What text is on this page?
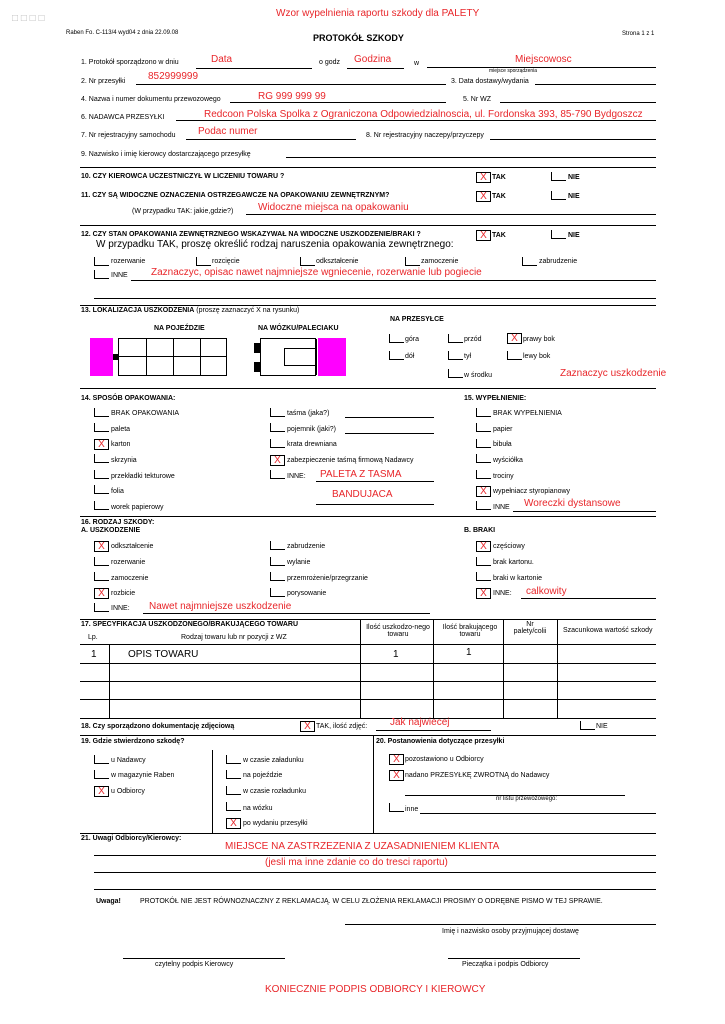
□ □ □ □	Wzor wypelnienia raportu szkody dla PALETY
Raben Fo. C-113/4 wyd04 z dnia 22.09.08	PROTOKÓŁ SZKODY	Strona 1 z 1
1. Protokół sporządzono w dniu	Data	o godz Godzina	w	Miejscowosc
miejsce sporządzenia
2. Nr przesyłki 852999999	3. Data dostawy/wydania
4. Nazwa i numer dokumentu przewozowego	RG 999 999 99	5. Nr WZ
6. NADAWCA PRZESYŁKI	Redcoon Polska Spolka z Ograniczona Odpowiedzialnoscia, ul. Fordonska 393, 85-790 Bydgoszcz
7. Nr rejestracyjny samochodu Podac numer	8. Nr rejestracyjny naczepy/przyczepy
9. Nazwisko i imię kierowcy dostarczającego przesyłkę
10. CZY KIEROWCA UCZESTNICZYŁ W LICZENIU TOWARU ?	X TAK	NIE
11. CZY SĄ WIDOCZNE OZNACZENIA OSTRZEGAWCZE NA OPAKOWANIU ZEWNĘTRZNYM?	X TAK	NIE
(W przypadku TAK: jakie,gdzie?) Widoczne miejsca na opakowaniu
12. CZY STAN OPAKOWANIA ZEWNĘTRZNEGO WSKAZYWAŁ NA WIDOCZNE USZKODZENIE/BRAKI ?	X TAK	NIE
W przypadku TAK, proszę określić rodzaj naruszenia opakowania zewnętrznego:
rozerwanie	rozcięcie	odkształcenie	zamoczenie	zabrudzenie
INNE Zaznaczyc, opisac nawet najmniejsze wgniecenie, rozerwanie lub pogiecie
13. LOKALIZACJA USZKODZENIA (proszę zaznaczyć X na rysunku)
NA POJEŹDZIE	NA WÓZKU/PALECIAKU
NA PRZESYŁCE
góra
dół
przód
tył
w środku
X prawy bok
lewy bok
Zaznaczyc uszkodzenie
14. SPOSÓB OPAKOWANIA:
BRAK OPAKOWANIA
paleta
X karton
skrzynia
przekładki tekturowe
folia
worek papierowy
taśma (jaka?)
pojemnik (jaki?)
krata drewniana
X zabezpieczenie taśmą firmową Nadawcy
INNE: PALETA Z TASMA
BANDUJACA
15. WYPEŁNIENIE:
BRAK WYPEŁNIENIA
papier
bibuła
wyściółka
trociny
X wypełniacz styropianowy
INNE Woreczki dystansowe
16. RODZAJ SZKODY:
A. USZKODZENIE	B. BRAKI
X odkształcenie
rozerwanie
zamoczenie
X rozbicie
INNE: Nawet najmniejsze uszkodzenie
zabrudzenie
wylanie
przemrożenie/przegrzanie
porysowanie
X częściowy
brak kartonu.
braki w kartonie
X INNE: calkowity
17. SPECYFIKACJA USZKODZONEGO/BRAKUJĄCEGO TOWARU
Lp.	Rodzaj towaru lub nr pozycji z WZ
Ilość uszkodzo-nego
towaru
Ilość brakującego
towaru
Nr
palety/colii	Szacunkowa wartość szkody
1	OPIS TOWARU	1	1
18. Czy sporządzono dokumentację zdjęciową	X TAK, ilość zdjęć: Jak najwiecej	NIE
19. Gdzie stwierdzono szkodę?
u Nadawcy
w magazynie Raben
X u Odbiorcy
w czasie załadunku
na pojeździe
w czasie rozładunku
na wózku
X po wydaniu przesyłki
20. Postanowienia dotyczące przesyłki
X pozostawiono u Odbiorcy
X nadano PRZESYŁKĘ ZWROTNĄ do Nadawcy
nr listu przewozowego:
inne
21. Uwagi Odbiorcy/Kierowcy:
MIEJSCE NA ZASTRZEZENIA Z UZASADNIENIEM KLIENTA
(jesli ma inne zdanie co do tresci raportu)
Uwaga!	PROTOKÓŁ NIE JEST RÓWNOZNACZNY Z REKLAMACJĄ. W CELU ZŁOŻENIA REKLAMACJI PROSIMY O ODRĘBNE PISMO W TEJ SPRAWIE.
Imię i nazwisko osoby przyjmującej dostawę
czytelny podpis Kierowcy	Pieczątka i podpis Odbiorcy
KONIECZNIE PODPIS ODBIORCY I KIEROWCY
